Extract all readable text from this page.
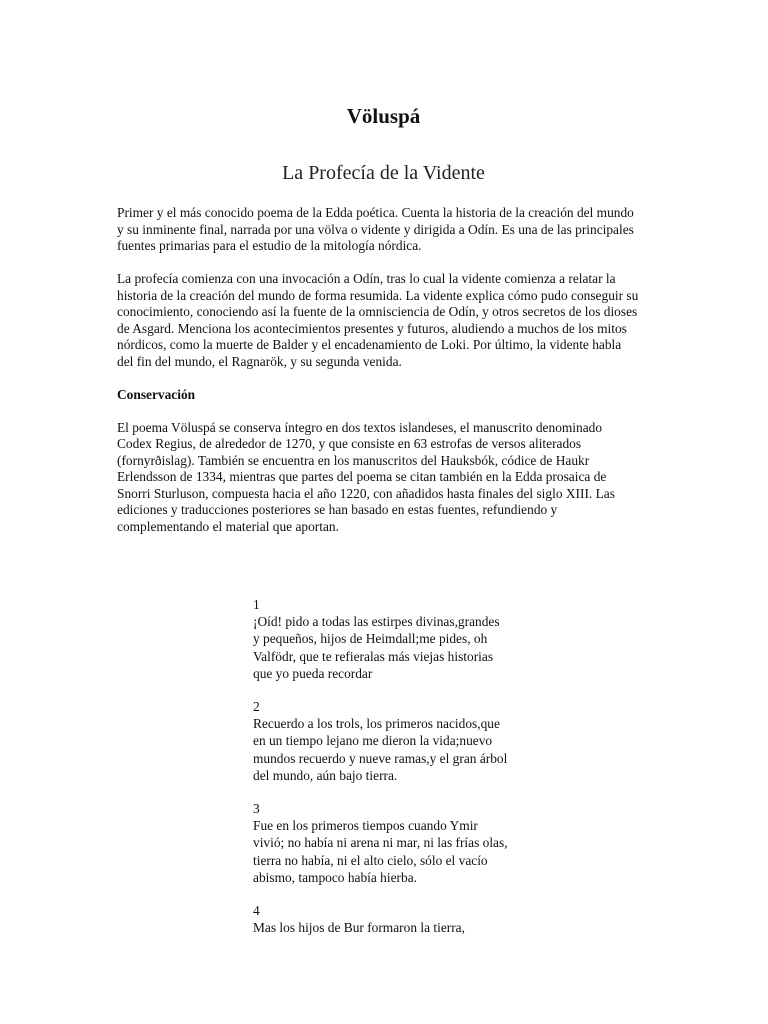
Völuspá
La Profecía de la Vidente

Primer y el más conocido poema de la Edda poética. Cuenta la historia de la creación del mundo
y su inminente final, narrada por una völva o vidente y dirigida a Odín. Es una de las principales
fuentes primarias para el estudio de la mitología nórdica.

La profecía comienza con una invocación a Odín, tras lo cual la vidente comienza a relatar la
historia de la creación del mundo de forma resumida. La vidente explica cómo pudo conseguir su
conocimiento, conociendo así la fuente de la omnisciencia de Odín, y otros secretos de los dioses
de Asgard. Menciona los acontecimientos presentes y futuros, aludiendo a muchos de los mitos
nórdicos, como la muerte de Balder y el encadenamiento de Loki. Por último, la vidente habla
del fin del mundo, el Ragnarök, y su segunda venida.

Conservación

El poema Völuspá se conserva íntegro en dos textos islandeses, el manuscrito denominado
Codex Regius, de alrededor de 1270, y que consiste en 63 estrofas de versos aliterados
(fornyrðislag). También se encuentra en los manuscritos del Hauksbók, códice de Haukr
Erlendsson de 1334, mientras que partes del poema se citan también en la Edda prosaica de
Snorri Sturluson, compuesta hacia el año 1220, con añadidos hasta finales del siglo XIII. Las
ediciones y traducciones posteriores se han basado en estas fuentes, refundiendo y
complementando el material que aportan.

1
¡Oíd! pido a todas las estirpes divinas,grandes
y pequeños, hijos de Heimdall;me pides, oh
Valfödr, que te refieralas más viejas historias
que yo pueda recordar
2
Recuerdo a los trols, los primeros nacidos,que
en un tiempo lejano me dieron la vida;nuevo
mundos recuerdo y nueve ramas,y el gran árbol
del mundo, aún bajo tierra.
3
Fue en los primeros tiempos cuando Ymir
vivió; no había ni arena ni mar, ni las frías olas,
tierra no había, ni el alto cielo, sólo el vacío
abismo, tampoco había hierba.
4
Mas los hijos de Bur formaron la tierra,
